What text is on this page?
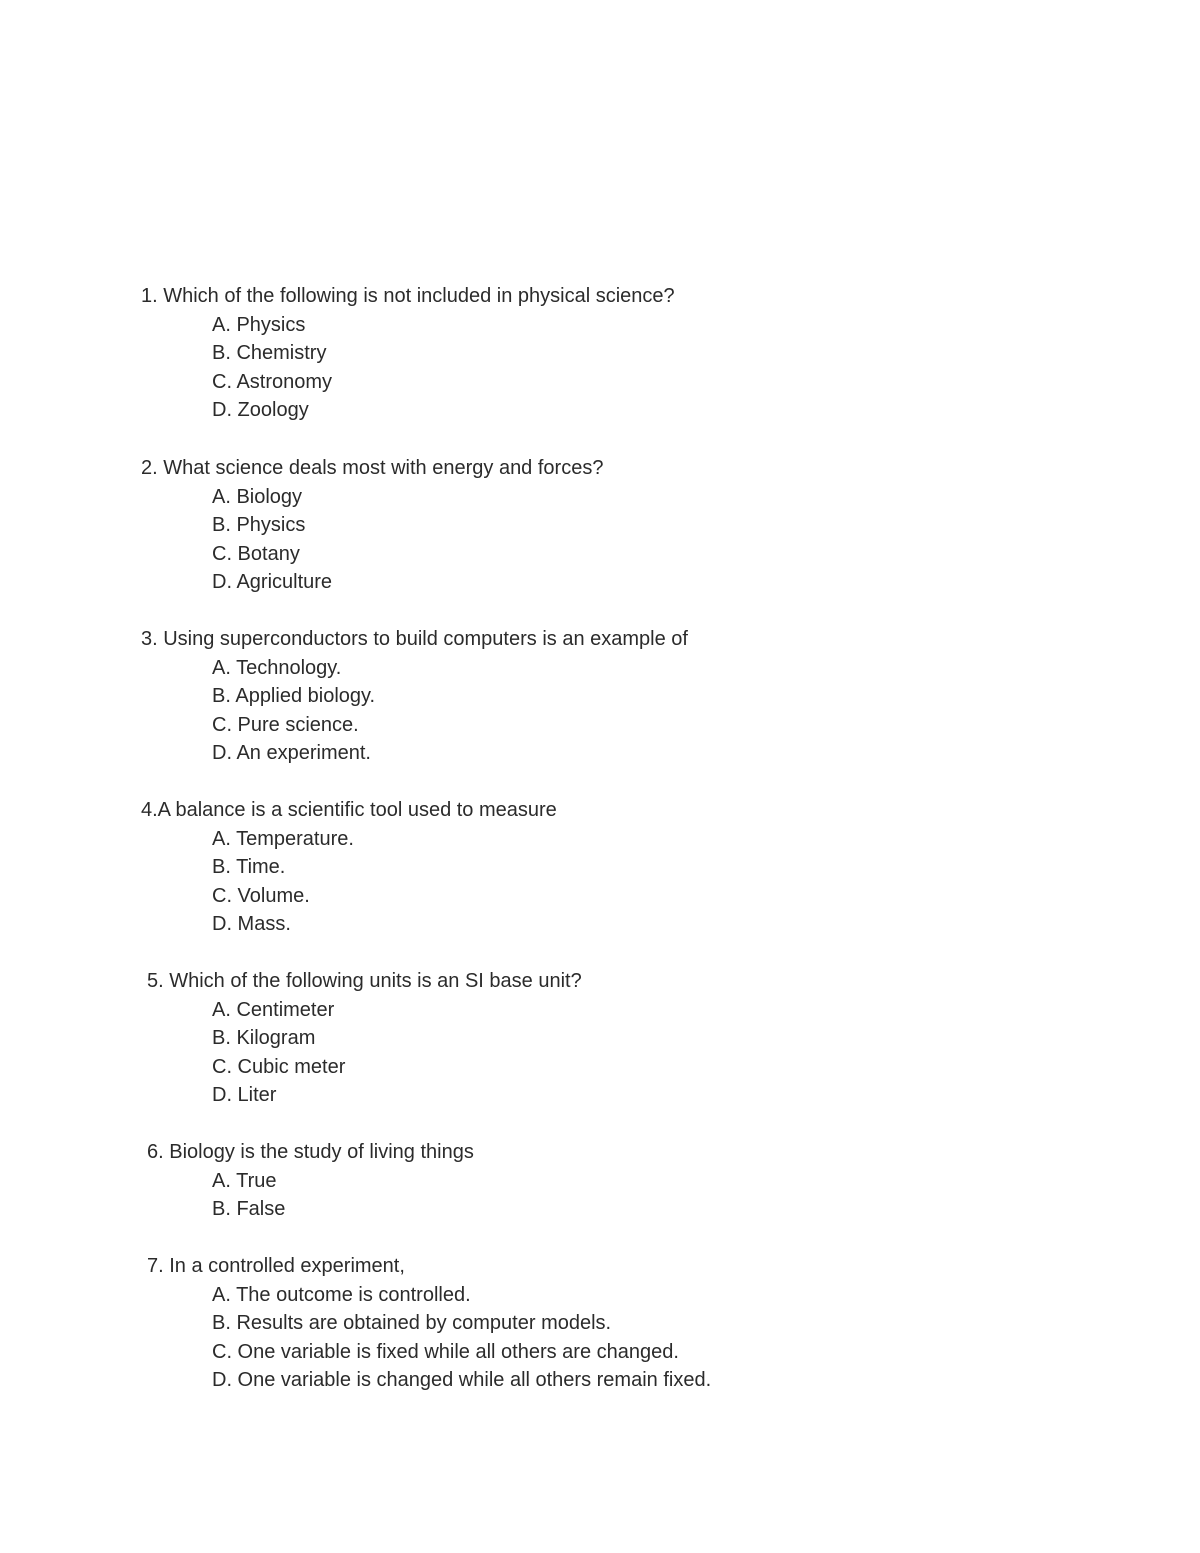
1. Which of the following is not included in physical science?
A. Physics
B. Chemistry
C. Astronomy
D. Zoology
2. What science deals most with energy and forces?
A. Biology
B. Physics
C. Botany
D. Agriculture
3. Using superconductors to build computers is an example of
A. Technology.
B. Applied biology.
C. Pure science.
D. An experiment.
4.A balance is a scientific tool used to measure
A. Temperature.
B. Time.
C. Volume.
D. Mass.
5. Which of the following units is an SI base unit?
A. Centimeter
B. Kilogram
C. Cubic meter
D. Liter
6. Biology is the study of living things
A. True
B. False
7. In a controlled experiment,
A. The outcome is controlled.
B. Results are obtained by computer models.
C. One variable is fixed while all others are changed.
D. One variable is changed while all others remain fixed.
